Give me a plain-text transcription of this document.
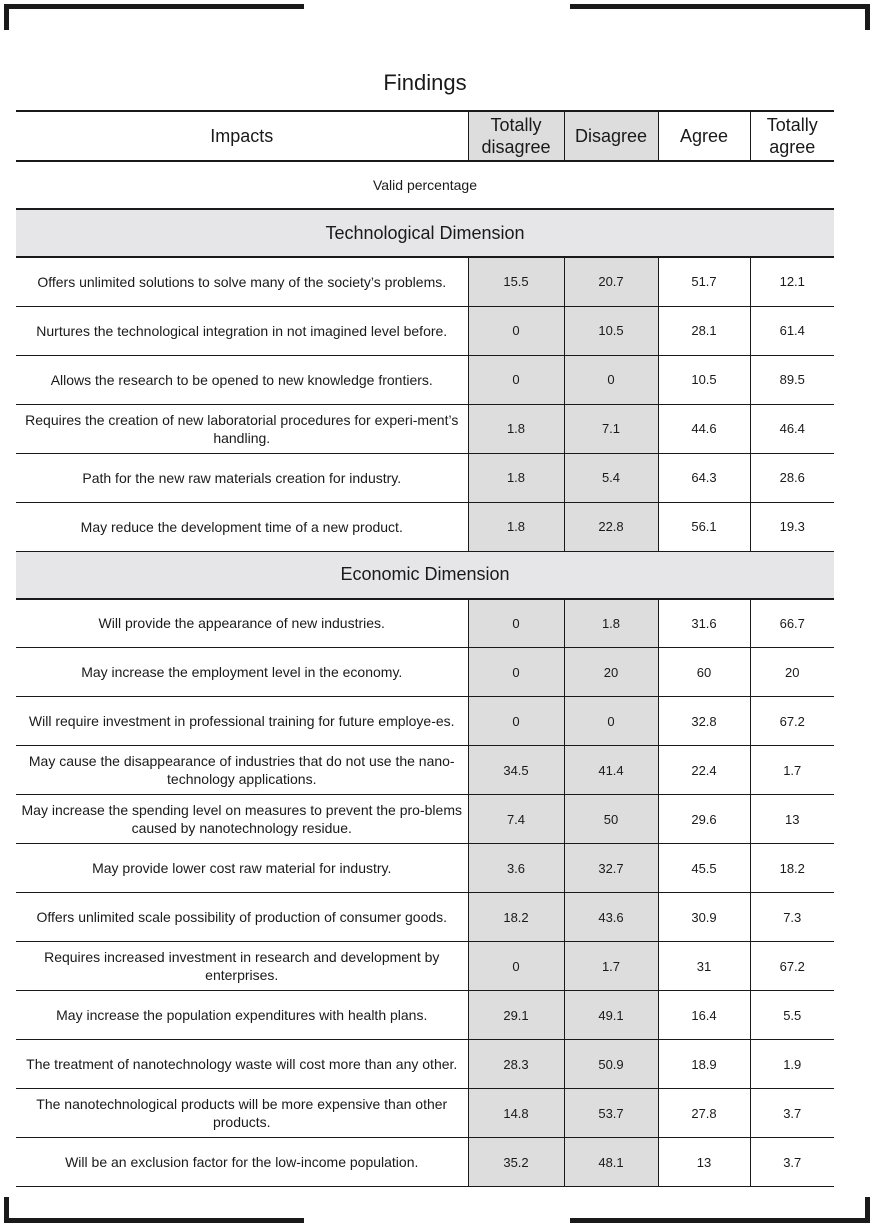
Findings
Impacts	Totally disagree	Disagree	Agree	Totally agree
Valid percentage				
Technological Dimension				
Offers unlimited solutions to solve many of the society’s problems.	15.5	20.7	51.7	12.1
Nurtures the technological integration in not imagined level before.	0	10.5	28.1	61.4
Allows the research to be opened to new knowledge frontiers.	0	0	10.5	89.5
Requires the creation of new laboratorial procedures for experi-ment’s handling.	1.8	7.1	44.6	46.4
Path for the new raw materials creation for industry.	1.8	5.4	64.3	28.6
May reduce the development time of a new product.	1.8	22.8	56.1	19.3
Economic Dimension				
Will provide the appearance of new industries.	0	1.8	31.6	66.7
May increase the employment level in the economy.	0	20	60	20
Will require investment in professional training for future employe-es.	0	0	32.8	67.2
May cause the disappearance of industries that do not use the nano-technology applications.	34.5	41.4	22.4	1.7
May increase the spending level on measures to prevent the pro-blems caused by nanotechnology residue.	7.4	50	29.6	13
May provide lower cost raw material for industry.	3.6	32.7	45.5	18.2
Offers unlimited scale possibility of production of consumer goods.	18.2	43.6	30.9	7.3
Requires increased investment in research and development by enterprises.	0	1.7	31	67.2
May increase the population expenditures with health plans.	29.1	49.1	16.4	5.5
The treatment of nanotechnology waste will cost more than any other.	28.3	50.9	18.9	1.9
The nanotechnological products will be more expensive than other products.	14.8	53.7	27.8	3.7
Will be an exclusion factor for the low-income population.	35.2	48.1	13	3.7
